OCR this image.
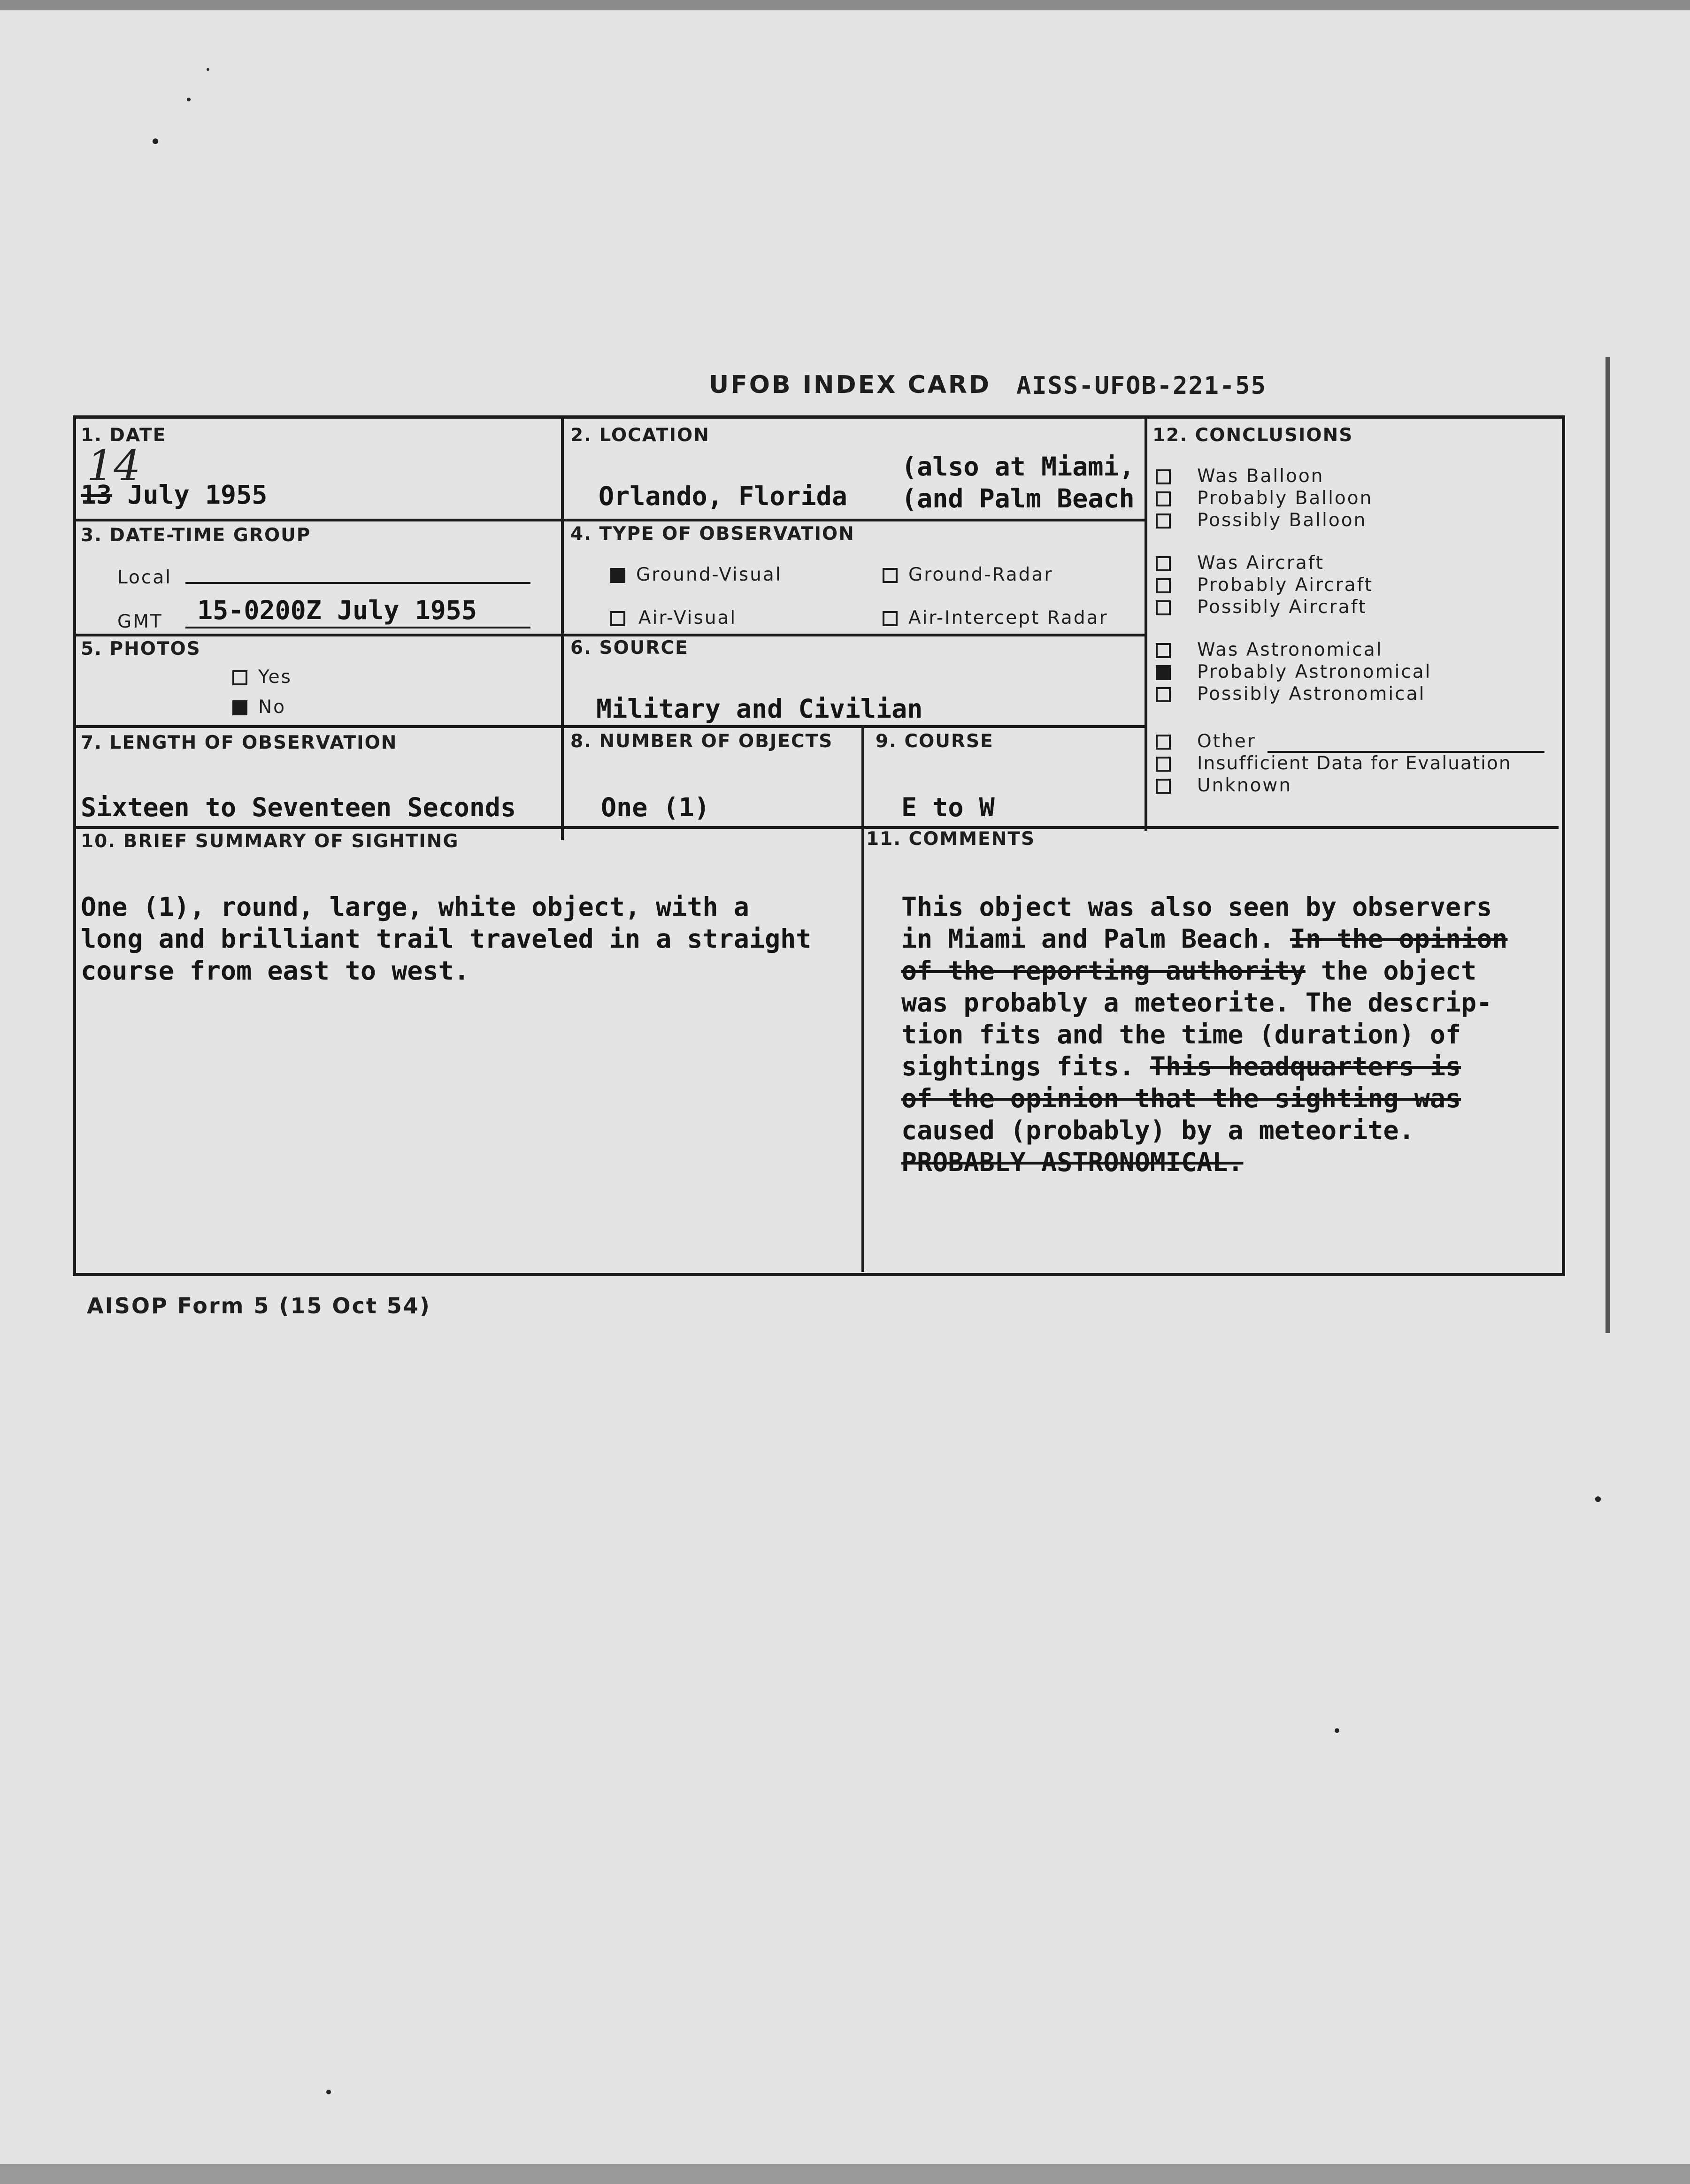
UFOB INDEX CARD AISS-UFOB-221-55
1. DATE
14
13 July 1955
2. LOCATION
Orlando, Florida
(also at Miami,
(and Palm Beach
3. DATE-TIME GROUP
Local
GMT 15-0200Z July 1955
4. TYPE OF OBSERVATION
Ground-Visual	Ground-Radar
Air-Visual	Air-Intercept Radar
5. PHOTOS
Yes
No
6. SOURCE
Military and Civilian
7. LENGTH OF OBSERVATION
Sixteen to Seventeen Seconds
8. NUMBER OF OBJECTS
One (1)
9. COURSE
E to W
10. BRIEF SUMMARY OF SIGHTING
One (1), round, large, white object, with a
long and brilliant trail traveled in a straight
course from east to west.
11. COMMENTS
This object was also seen by observers
in Miami and Palm Beach. In the opinion
of the reporting authority the object
was probably a meteorite. The descrip-
tion fits and the time (duration) of
sightings fits. This headquarters is
of the opinion that the sighting was
caused (probably) by a meteorite.
PROBABLY ASTRONOMICAL.
12. CONCLUSIONS
Was Balloon
Probably Balloon
Possibly Balloon
Was Aircraft
Probably Aircraft
Possibly Aircraft
Was Astronomical
Probably Astronomical
Possibly Astronomical
Other
Insufficient Data for Evaluation
Unknown
AISOP Form 5 (15 Oct 54)
